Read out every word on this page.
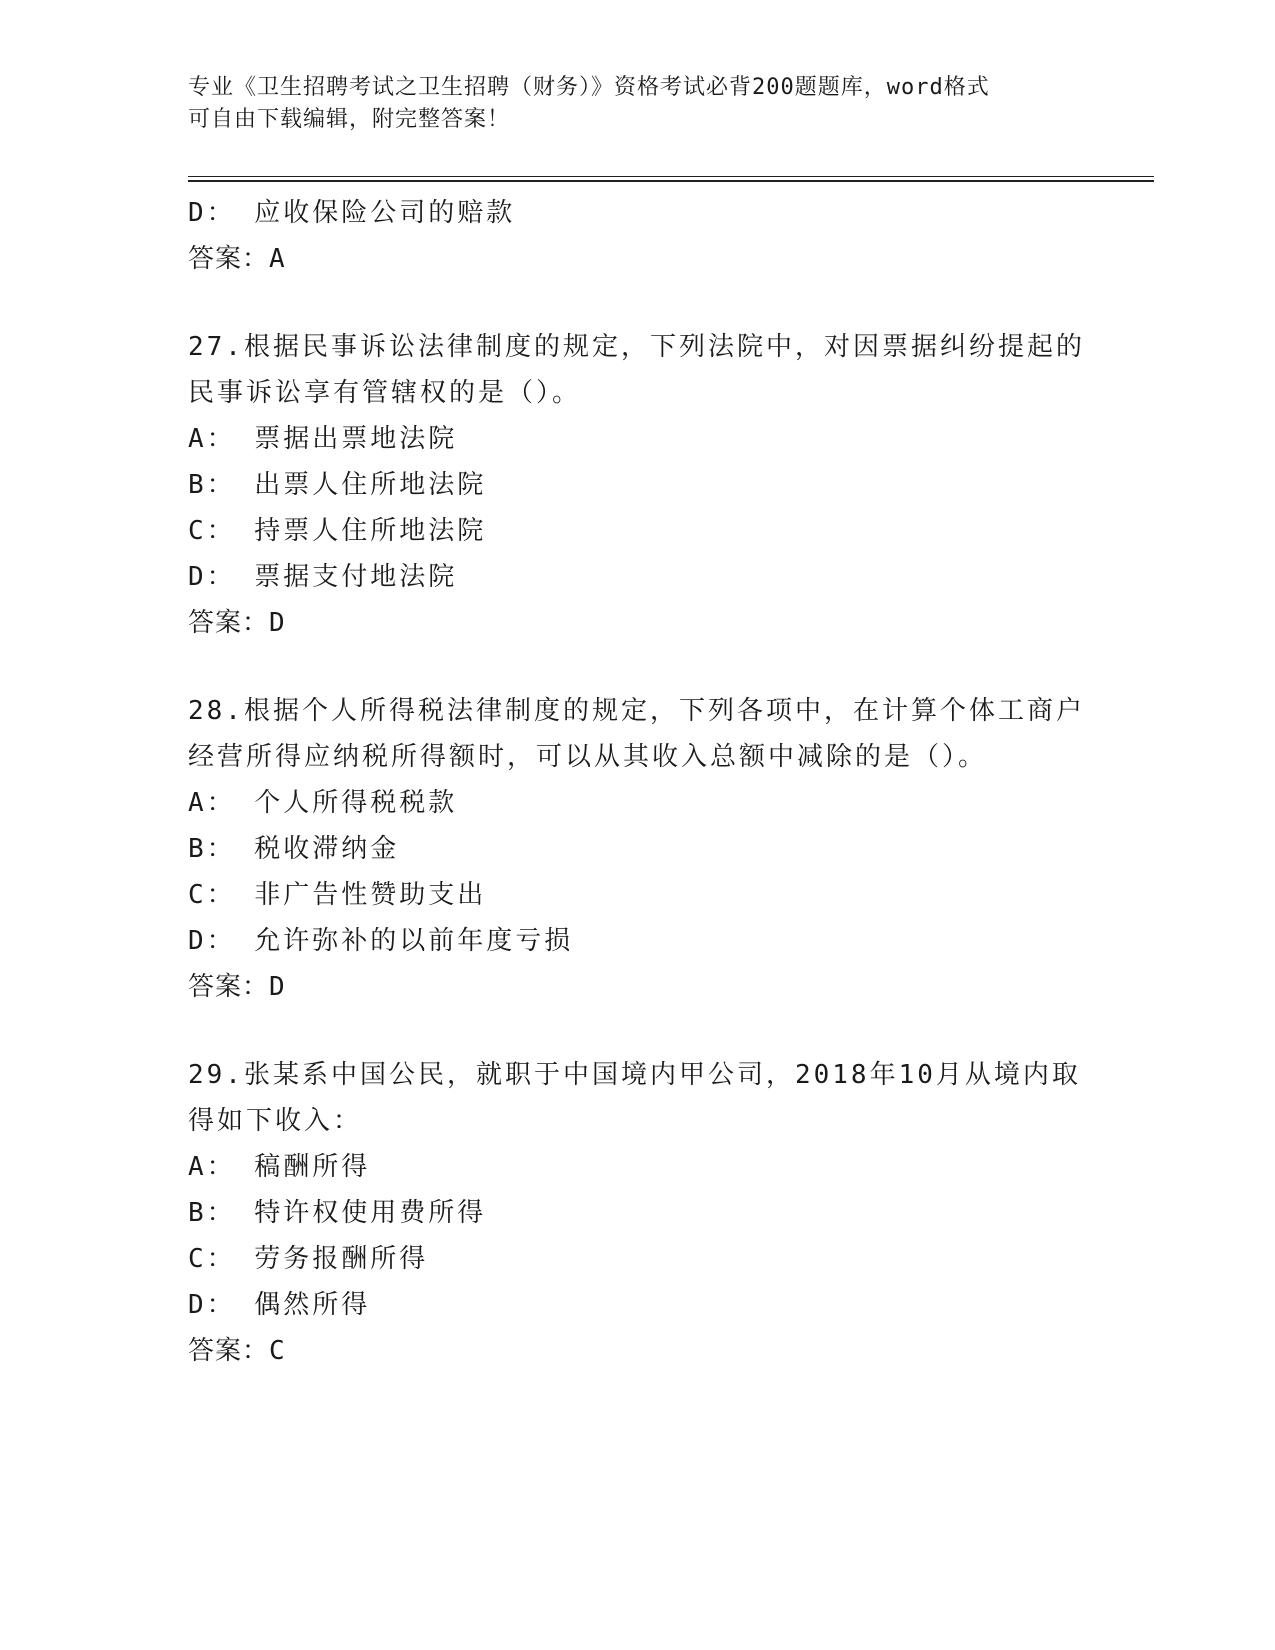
专业《卫生招聘考试之卫生招聘（财务）》资格考试必背200题题库，word格式
可自由下载编辑，附完整答案！
D： 应收保险公司的赔款
答案：A
27.根据民事诉讼法律制度的规定，下列法院中，对因票据纠纷提起的
民事诉讼享有管辖权的是（）。
A： 票据出票地法院
B： 出票人住所地法院
C： 持票人住所地法院
D： 票据支付地法院
答案：D
28.根据个人所得税法律制度的规定，下列各项中，在计算个体工商户
经营所得应纳税所得额时，可以从其收入总额中减除的是（）。
A： 个人所得税税款
B： 税收滞纳金
C： 非广告性赞助支出
D： 允许弥补的以前年度亏损
答案：D
29.张某系中国公民，就职于中国境内甲公司，2018年10月从境内取
得如下收入：
A： 稿酬所得
B： 特许权使用费所得
C： 劳务报酬所得
D： 偶然所得
答案：C
